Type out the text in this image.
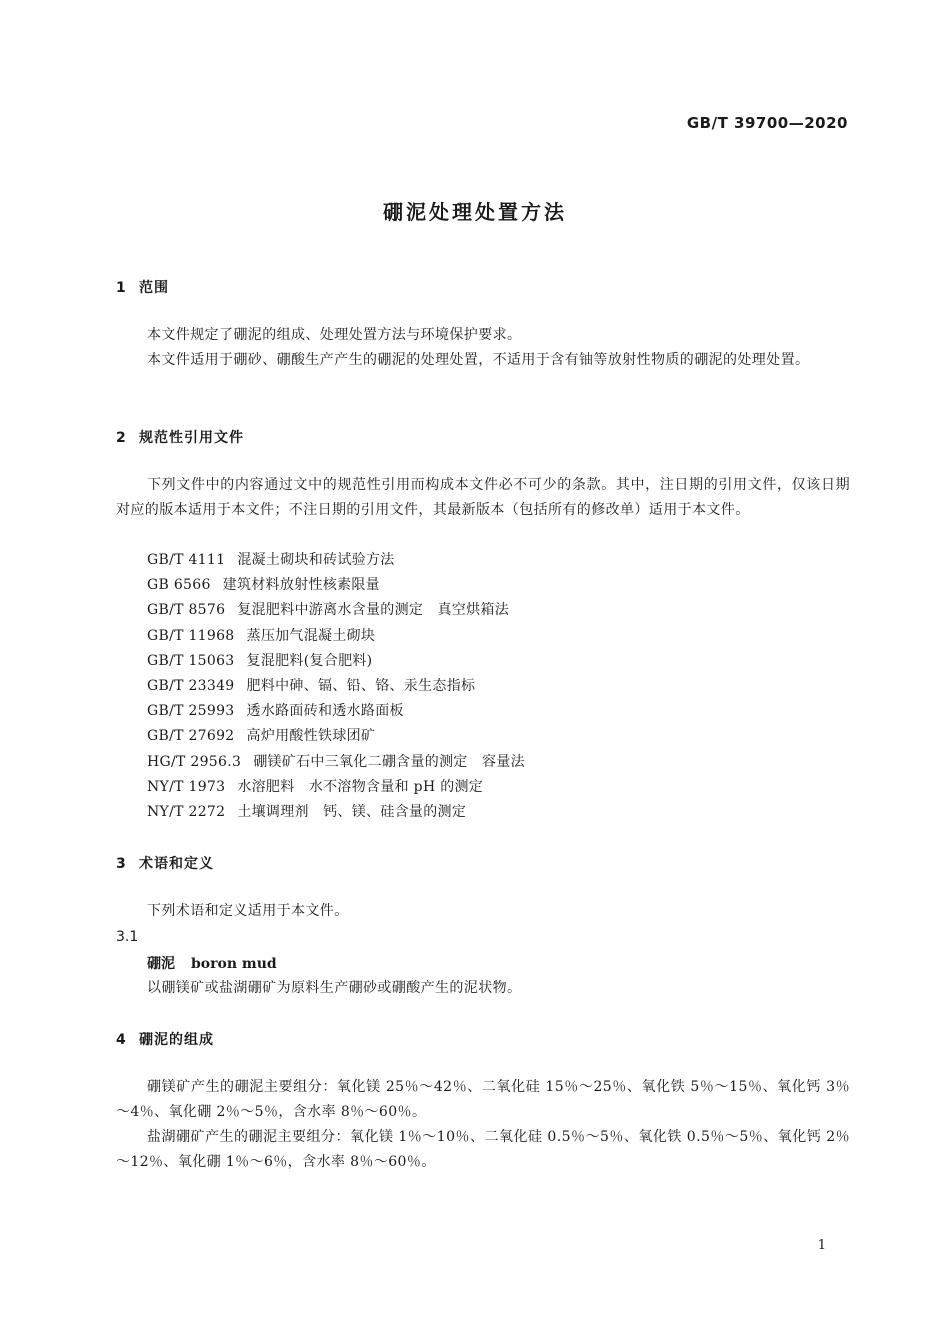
GB/T 39700—2020
硼泥处理处置方法
1 范围

本文件规定了硼泥的组成、处理处置方法与环境保护要求。

本文件适用于硼砂、硼酸生产产生的硼泥的处理处置，不适用于含有铀等放射性物质的硼泥的处理处置。

2 规范性引用文件

下列文件中的内容通过文中的规范性引用而构成本文件必不可少的条款。其中，注日期的引用文件，仅该日期对应的版本适用于本文件；不注日期的引用文件，其最新版本（包括所有的修改单）适用于本文件。

GB/T 4111 混凝土砌块和砖试验方法
GB 6566 建筑材料放射性核素限量
GB/T 8576 复混肥料中游离水含量的测定　真空烘箱法
GB/T 11968 蒸压加气混凝土砌块
GB/T 15063 复混肥料(复合肥料)
GB/T 23349 肥料中砷、镉、铅、铬、汞生态指标
GB/T 25993 透水路面砖和透水路面板
GB/T 27692 高炉用酸性铁球团矿
HG/T 2956.3 硼镁矿石中三氧化二硼含量的测定　容量法
NY/T 1973 水溶肥料　水不溶物含量和 pH 的测定
NY/T 2272 土壤调理剂　钙、镁、硅含量的测定
3 术语和定义

下列术语和定义适用于本文件。

3.1
硼泥 boron mud
以硼镁矿或盐湖硼矿为原料生产硼砂或硼酸产生的泥状物。
4 硼泥的组成

硼镁矿产生的硼泥主要组分：氧化镁 25％～42％、二氧化硅 15％～25％、氧化铁 5％～15％、氧化钙 3％～4％、氧化硼 2％～5％，含水率 8％～60％。

盐湖硼矿产生的硼泥主要组分：氧化镁 1％～10％、二氧化硅 0.5％～5％、氧化铁 0.5％～5％、氧化钙 2％～12％、氧化硼 1％～6％，含水率 8％～60％。

1
